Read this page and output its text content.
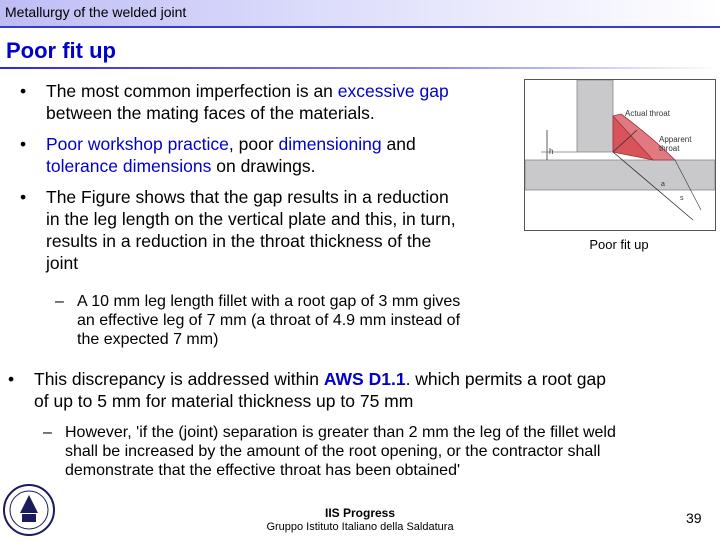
Metallurgy of the welded joint
Poor fit up
• The most common imperfection is an excessive gap
between the mating faces of the materials.
• Poor workshop practice, poor dimensioning and
tolerance dimensions on drawings.
• The Figure shows that the gap results in a reduction
in the leg length on the vertical plate and this, in turn,
results in a reduction in the throat thickness of the
joint
– A 10 mm leg length fillet with a root gap of 3 mm gives
an effective leg of 7 mm (a throat of 4.9 mm instead of
the expected 7 mm)
• This discrepancy is addressed within AWS D1.1. which permits a root gap
of up to 5 mm for material thickness up to 75 mm
– However, 'if the (joint) separation is greater than 2 mm the leg of the fillet weld
shall be increased by the amount of the root opening, or the contractor shall
demonstrate that the effective throat has been obtained'
h
Actual throat
Apparent
throat
a
s
Poor fit up
IIS Progress
Gruppo Istituto Italiano della Saldatura
39
